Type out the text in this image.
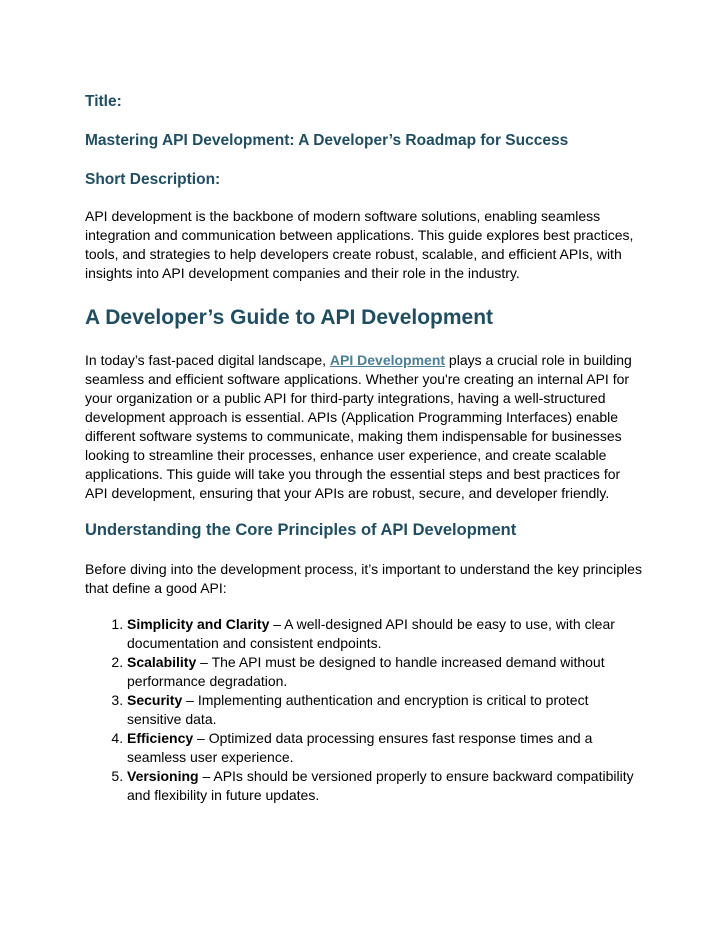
Title:

Mastering API Development: A Developer’s Roadmap for Success

Short Description:

API development is the backbone of modern software solutions, enabling seamless integration and communication between applications. This guide explores best practices, tools, and strategies to help developers create robust, scalable, and efficient APIs, with insights into API development companies and their role in the industry.

A Developer’s Guide to API Development

In today’s fast-paced digital landscape, API Development plays a crucial role in building seamless and efficient software applications. Whether you're creating an internal API for your organization or a public API for third-party integrations, having a well-structured development approach is essential. APIs (Application Programming Interfaces) enable different software systems to communicate, making them indispensable for businesses looking to streamline their processes, enhance user experience, and create scalable applications. This guide will take you through the essential steps and best practices for API development, ensuring that your APIs are robust, secure, and developer friendly.

Understanding the Core Principles of API Development

Before diving into the development process, it’s important to understand the key principles that define a good API:

1. Simplicity and Clarity – A well-designed API should be easy to use, with clear documentation and consistent endpoints.
2. Scalability – The API must be designed to handle increased demand without performance degradation.
3. Security – Implementing authentication and encryption is critical to protect sensitive data.
4. Efficiency – Optimized data processing ensures fast response times and a seamless user experience.
5. Versioning – APIs should be versioned properly to ensure backward compatibility and flexibility in future updates.
